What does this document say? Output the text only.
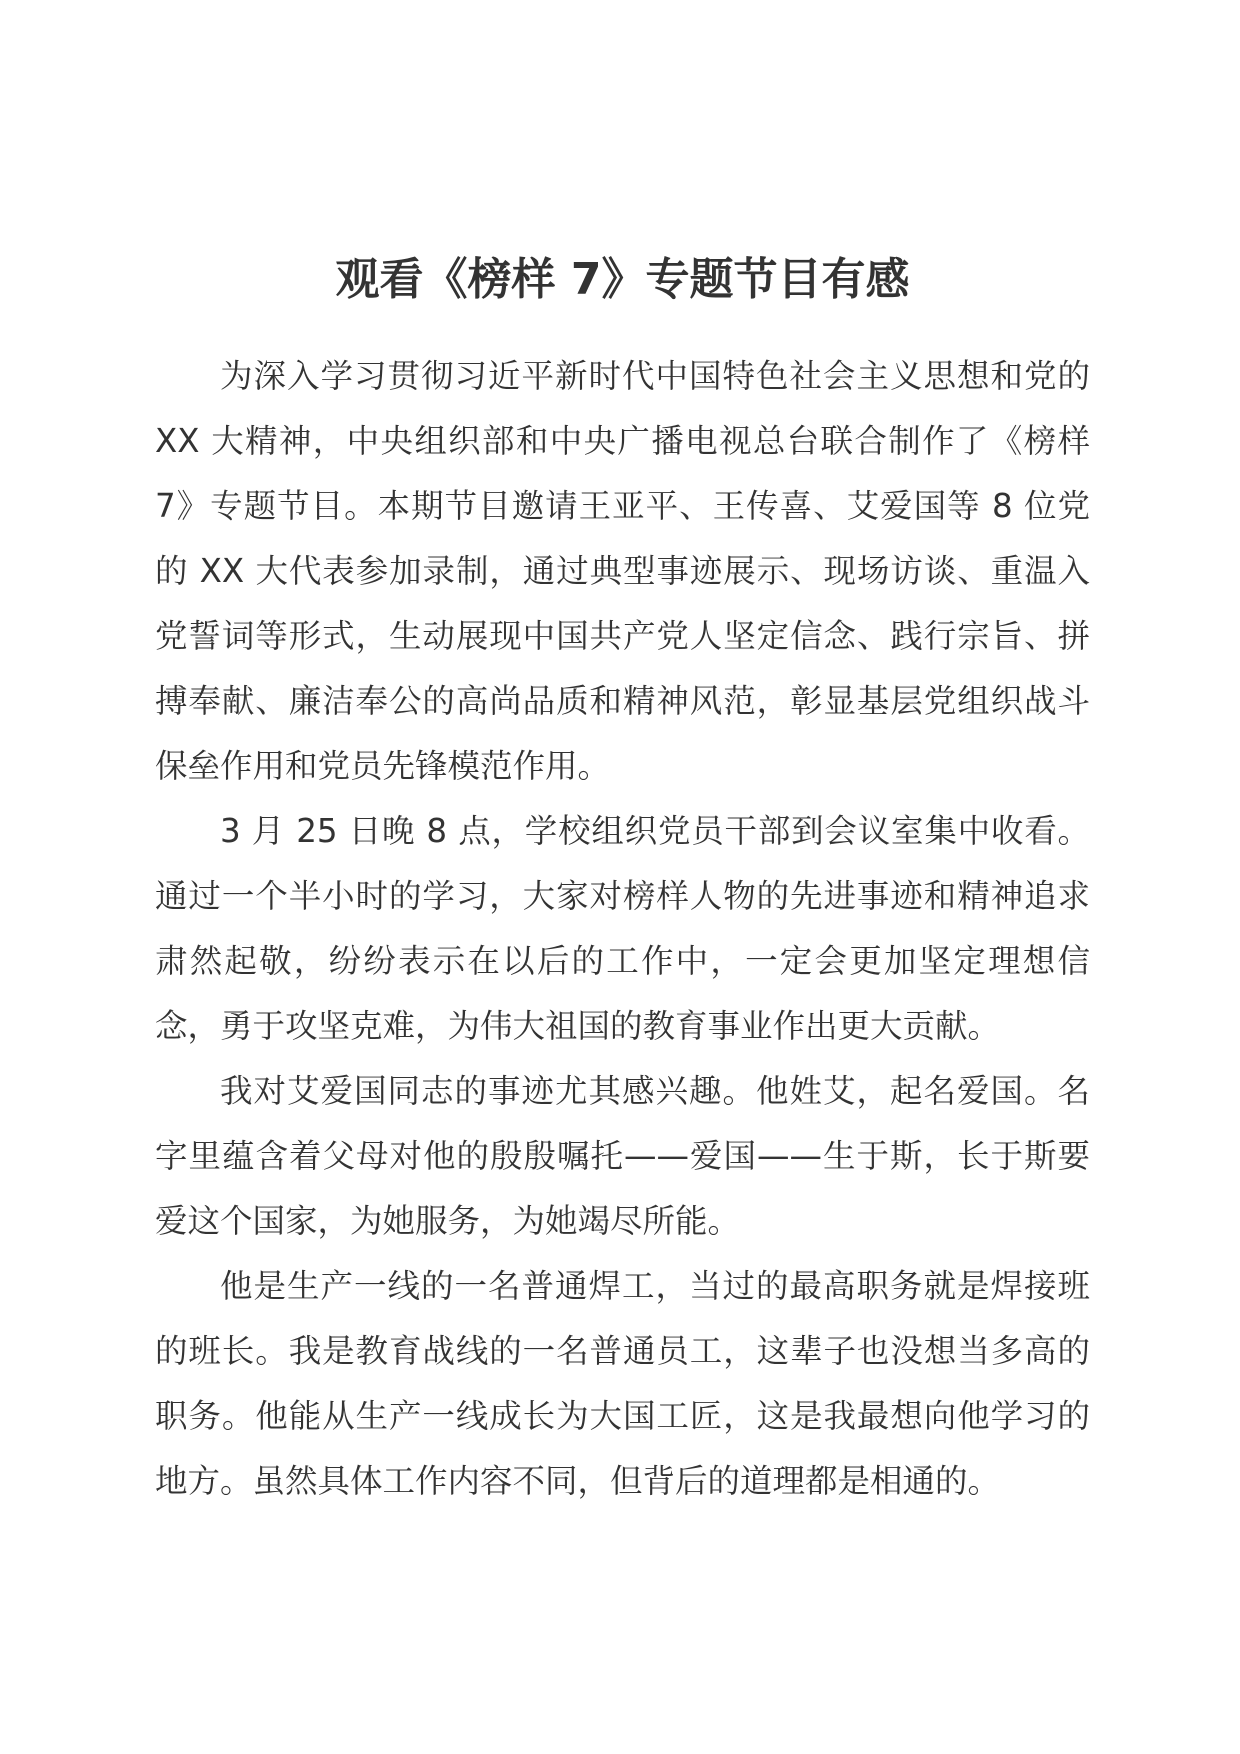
观看《榜样 7》专题节目有感

为深入学习贯彻习近平新时代中国特色社会主义思想和党的 XX 大精神，中央组织部和中央广播电视总台联合制作了《榜样 7》专题节目。本期节目邀请王亚平、王传喜、艾爱国等 8 位党的 XX 大代表参加录制，通过典型事迹展示、现场访谈、重温入党誓词等形式，生动展现中国共产党人坚定信念、践行宗旨、拼搏奉献、廉洁奉公的高尚品质和精神风范，彰显基层党组织战斗保垒作用和党员先锋模范作用。

3 月 25 日晚 8 点，学校组织党员干部到会议室集中收看。通过一个半小时的学习，大家对榜样人物的先进事迹和精神追求肃然起敬，纷纷表示在以后的工作中，一定会更加坚定理想信念，勇于攻坚克难，为伟大祖国的教育事业作出更大贡献。

我对艾爱国同志的事迹尤其感兴趣。他姓艾，起名爱国。名字里蕴含着父母对他的殷殷嘱托——爱国——生于斯，长于斯要爱这个国家，为她服务，为她竭尽所能。

他是生产一线的一名普通焊工，当过的最高职务就是焊接班的班长。我是教育战线的一名普通员工，这辈子也没想当多高的职务。他能从生产一线成长为大国工匠，这是我最想向他学习的地方。虽然具体工作内容不同，但背后的道理都是相通的。
